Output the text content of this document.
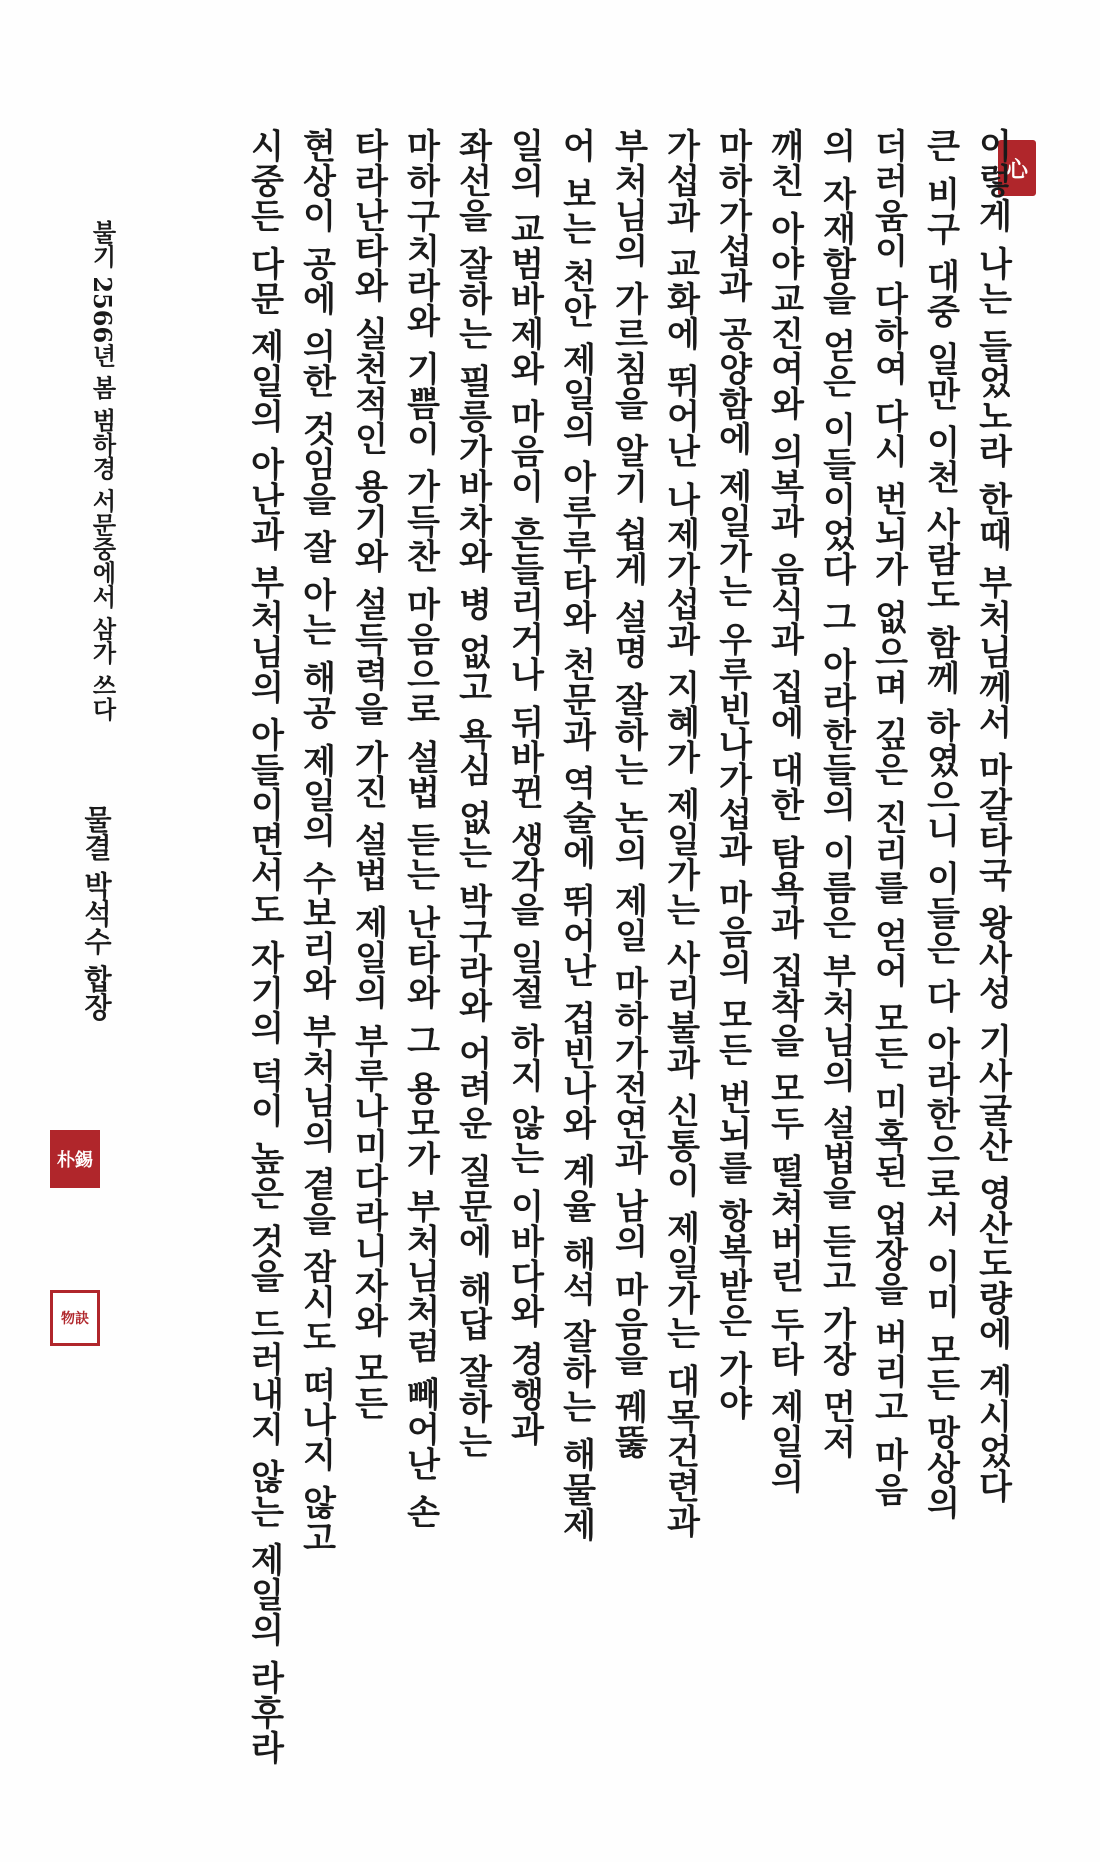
心
이렇게 나는 들었노라 한때 부처님께서 마갈타국 왕사성 기사굴산 영산도량에 계시었다
큰 비구 대중 일만 이천 사람도 함께 하였으니 이들은 다 아라한으로서 이미 모든 망상의
더러움이 다하여 다시 번뇌가 없으며 깊은 진리를 얻어 모든 미혹된 업장을 버리고 마음
의 자재함을 얻은 이들이었다 그 아라한들의 이름은 부처님의 설법을 듣고 가장 먼저
깨친 아야교진여와 의복과 음식과 집에 대한 탐욕과 집착을 모두 떨쳐버린 두타 제일의
마하가섭과 공양함에 제일가는 우루빈나가섭과 마음의 모든 번뇌를 항복받은 가야
가섭과 교화에 뛰어난 나제가섭과 지혜가 제일가는 사리불과 신통이 제일가는 대목건련과
부처님의 가르침을 알기 쉽게 설명 잘하는 논의 제일 마하가전연과 남의 마음을 꿰뚫
어 보는 천안 제일의 아루루타와 천문과 역술에 뛰어난 겁빈나와 계율 해석 잘하는 해물제
일의 교범바제와 마음이 흔들리거나 뒤바뀐 생각을 일절 하지 않는 이바다와 경행과
좌선을 잘하는 필릉가바차와 병 없고 욕심 없는 박구라와 어려운 질문에 해답 잘하는
마하구치라와 기쁨이 가득찬 마음으로 설법 듣는 난타와 그 용모가 부처님처럼 빼어난 손
타라난타와 실천적인 용기와 설득력을 가진 설법 제일의 부루나미다라니자와 모든
현상이 공에 의한 것임을 잘 아는 해공 제일의 수보리와 부처님의 곁을 잠시도 떠나지 않고
시중든 다문 제일의 아난과 부처님의 아들이면서도 자기의 덕이 높은 것을 드러내지 않는 제일의 라후라
불기 2566년 봄 범하경 서문중에서 삼가 쓰다
물결 박석수 합장
朴錫
物訣
